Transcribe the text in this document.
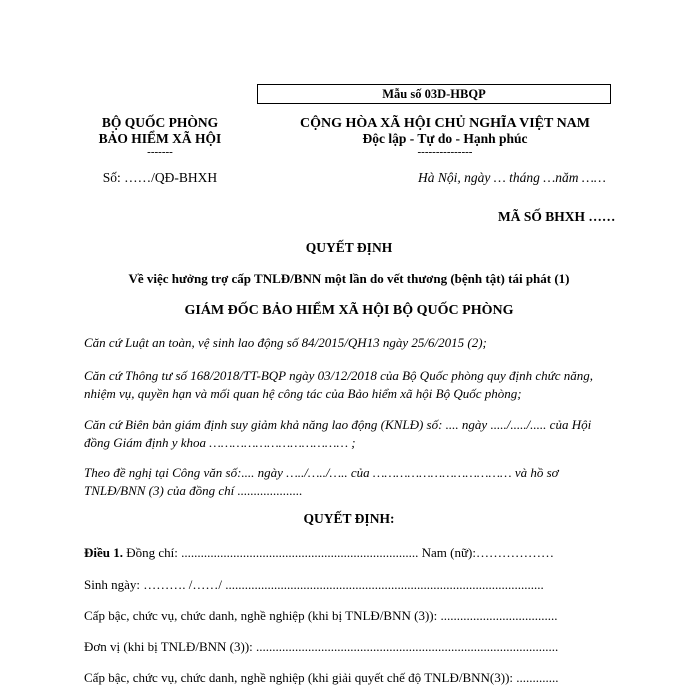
Mẫu số 03D-HBQP
BỘ QUỐC PHÒNG
BẢO HIỂM XÃ HỘI
-------
Số: ……/QĐ-BHXH
CỘNG HÒA XÃ HỘI CHỦ NGHĨA VIỆT NAM
Độc lập - Tự do - Hạnh phúc
---------------
Hà Nội, ngày … tháng …năm ……
MÃ SỐ BHXH ……
QUYẾT ĐỊNH
Về việc hưởng trợ cấp TNLĐ/BNN một lần do vết thương (bệnh tật) tái phát (1)
GIÁM ĐỐC BẢO HIỂM XÃ HỘI BỘ QUỐC PHÒNG
Căn cứ Luật an toàn, vệ sinh lao động số 84/2015/QH13 ngày 25/6/2015 (2);
Căn cứ Thông tư số 168/2018/TT-BQP ngày 03/12/2018 của Bộ Quốc phòng quy định chức năng, nhiệm vụ, quyền hạn và mối quan hệ công tác của Bảo hiểm xã hội Bộ Quốc phòng;
Căn cứ Biên bản giám định suy giảm khả năng lao động (KNLĐ) số: .... ngày ...../...../..... của Hội đồng Giám định y khoa ……………………………… ;
Theo đề nghị tại Công văn số:.... ngày …../…../….. của ……………………………… và hồ sơ TNLĐ/BNN (3) của đồng chí ....................
QUYẾT ĐỊNH:
Điều 1. Đồng chí: ......................................................................... Nam (nữ):………………
Sinh ngày: ………. /……/ ..................................................................................................
Cấp bậc, chức vụ, chức danh, nghề nghiệp (khi bị TNLĐ/BNN (3)): ....................................
Đơn vị (khi bị TNLĐ/BNN (3)): .............................................................................................
Cấp bậc, chức vụ, chức danh, nghề nghiệp (khi giải quyết chế độ TNLĐ/BNN(3)): .............
